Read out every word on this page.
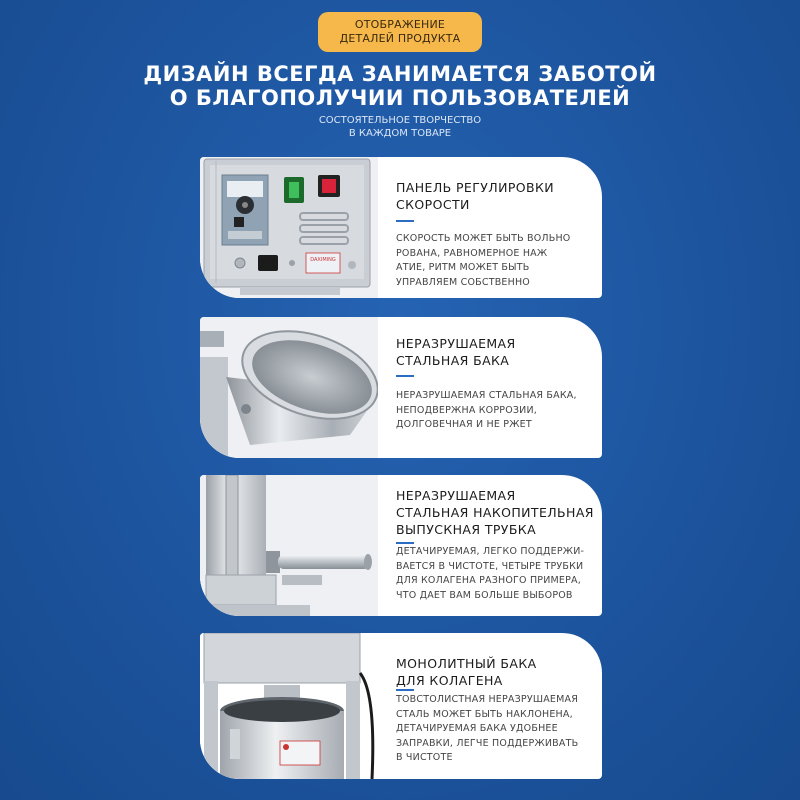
ОТОБРАЖЕНИЕ
ДЕТАЛЕЙ ПРОДУКТА
ДИЗАЙН ВСЕГДА ЗАНИМАЕТСЯ ЗАБОТОЙ
О БЛАГОПОЛУЧИИ ПОЛЬЗОВАТЕЛЕЙ
СОСТОЯТЕЛЬНОЕ ТВОРЧЕСТВО
В КАЖДОМ ТОВАРЕ
DAXIMING
ПАНЕЛЬ РЕГУЛИРОВКИ
СКОРОСТИ
СКОРОСТЬ МОЖЕТ БЫТЬ ВОЛЬНО
РОВАНА, РАВНОМЕРНОЕ НАЖ
АТИЕ, РИТМ МОЖЕТ БЫТЬ
УПРАВЛЯЕМ СОБСТВЕННО
НЕРАЗРУШАЕМАЯ
СТАЛЬНАЯ БАКА
НЕРАЗРУШАЕМАЯ СТАЛЬНАЯ БАКА,
НЕПОДВЕРЖНА КОРРОЗИИ,
ДОЛГОВЕЧНАЯ И НЕ РЖЕТ
НЕРАЗРУШАЕМАЯ
СТАЛЬНАЯ НАКОПИТЕЛЬНАЯ
ВЫПУСКНАЯ ТРУБКА
ДЕТАЧИРУЕМАЯ, ЛЕГКО ПОДДЕРЖИ-
ВАЕТСЯ В ЧИСТОТЕ, ЧЕТЫРЕ ТРУБКИ
ДЛЯ КОЛАГЕНА РАЗНОГО ПРИМЕРА,
ЧТО ДАЕТ ВАМ БОЛЬШЕ ВЫБОРОВ
МОНОЛИТНЫЙ БАКА
ДЛЯ КОЛАГЕНА
ТОВСТОЛИСТНАЯ НЕРАЗРУШАЕМАЯ
СТАЛЬ МОЖЕТ БЫТЬ НАКЛОНЕНА,
ДЕТАЧИРУЕМАЯ БАКА УДОБНЕЕ
ЗАПРАВКИ, ЛЕГЧЕ ПОДДЕРЖИВАТЬ
В ЧИСТОТЕ
